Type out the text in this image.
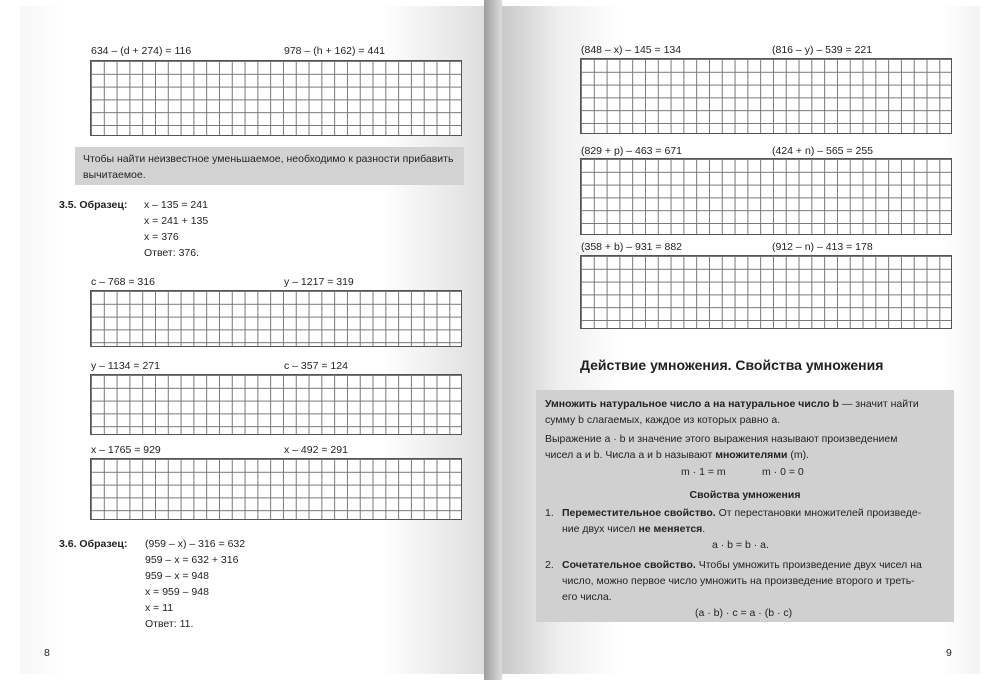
634 – (d + 274) = 116	978 – (h + 162) = 441
Чтобы найти неизвестное уменьшаемое, необходимо к разности прибавить вычитаемое.
3.5. Образец: x – 135 = 241
x = 241 + 135
x = 376
Ответ: 376.
c – 768 = 316	y – 1217 = 319
y – 1134 = 271	c – 357 = 124
x – 1765 = 929	x – 492 = 291
3.6. Образец: (959 – x) – 316 = 632
959 – x = 632 + 316
959 – x = 948
x = 959 – 948
x = 11
Ответ: 11.
8
(848 – x) – 145 = 134	(816 – y) – 539 = 221
(829 + p) – 463 = 671	(424 + n) – 565 = 255
(358 + b) – 931 = 882	(912 – n) – 413 = 178
Действие умножения. Свойства умножения
Умножить натуральное число a на натуральное число b — значит найти
сумму b слагаемых, каждое из которых равно a.
Выражение a · b и значение этого выражения называют произведением
чисел a и b. Числа a и b называют множителями (m).
m · 1 = m	m · 0 = 0
Свойства умножения
1. Переместительное свойство. От перестановки множителей произведе-
ние двух чисел не меняется.
a · b = b · a.
2. Сочетательное свойство. Чтобы умножить произведение двух чисел на
число, можно первое число умножить на произведение второго и треть-
его числа.
(a · b) · c = a · (b · c)
9
